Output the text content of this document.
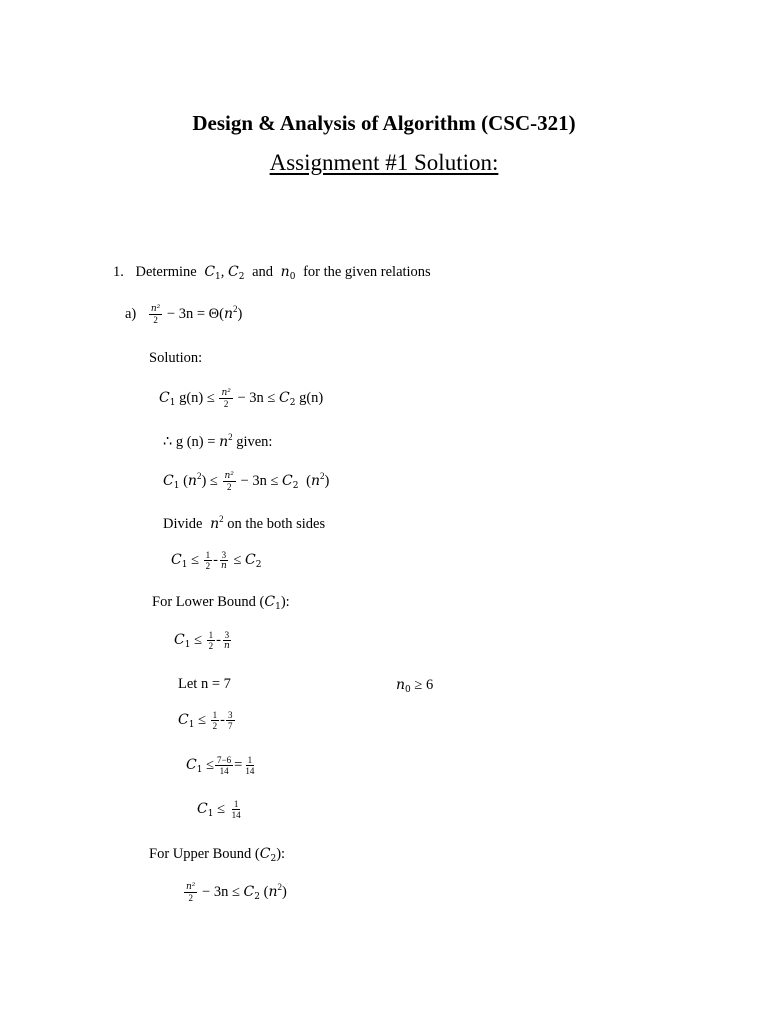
Design & Analysis of Algorithm (CSC-321)
Assignment #1 Solution:
1. Determine $C_1$, $C_2$ and $n_0$ for the given relations
$a) \frac{\text{n²}}{2} - 3n = \Theta(n^2)$
Solution:
$C_1$ $g(n) \le \frac{\text{n²}}{2} - 3n \le C_2$ g(n)
∴ g $(n) = n^2$ given:
$C_1$ $(n^2) \le \frac{\text{n²}}{2} - 3n \le C_2$ $(n^2)$
Divide $n^2$ on the both sides
$C_1 \le \frac{1}{2} - \frac{3}{n} \le C_2$
For Lower Bound $(C_1)$:
$C_1 \le \frac{1}{2} - \frac{3}{n}$
Let n = 7	$n_0 \ge 6$
$C_1 \le \frac{1}{2} - \frac{3}{7}$
$C_1 \le \frac{7-6}{14} = \frac{1}{14}$
$C_1 \le \frac{1}{14}$
For Upper Bound $(C_2)$:
$\frac{\text{n²}}{2} - 3n \le C_2$ $(n^2)$
